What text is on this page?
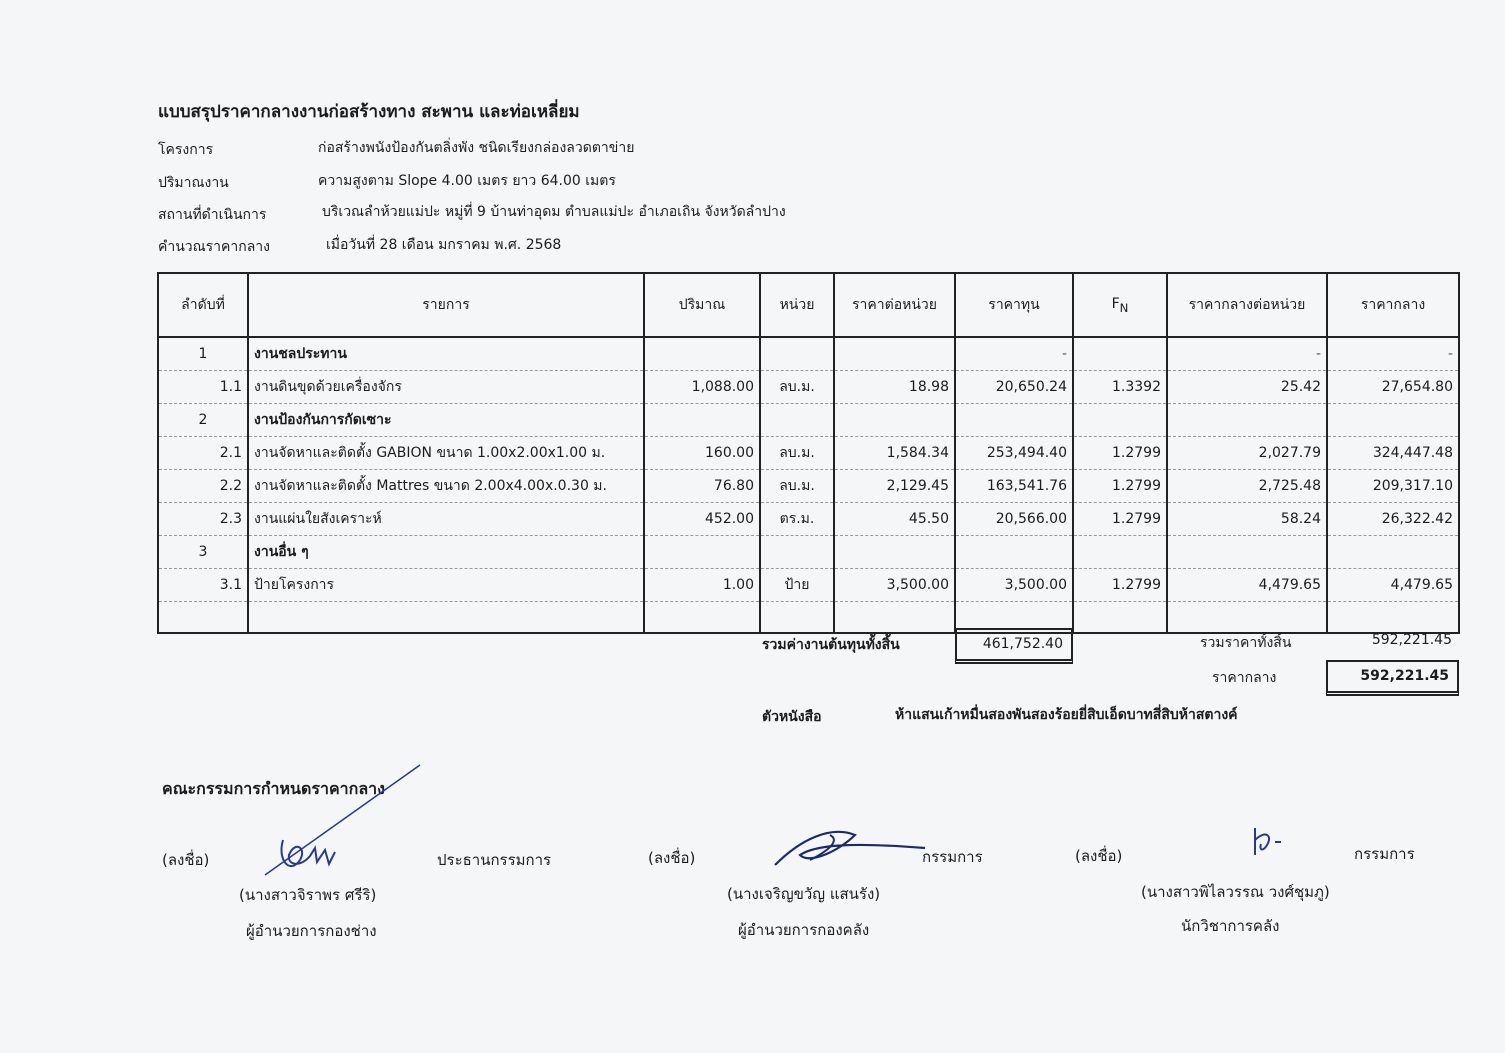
แบบสรุปราคากลางงานก่อสร้างทาง สะพาน และท่อเหลี่ยม
โครงการ	ก่อสร้างพนังป้องกันตลิ่งพัง ชนิดเรียงกล่องลวดตาข่าย
ปริมาณงาน	ความสูงตาม Slope 4.00 เมตร ยาว 64.00 เมตร
สถานที่ดำเนินการ	บริเวณลำห้วยแม่ปะ หมู่ที่ 9 บ้านท่าอุดม ตำบลแม่ปะ อำเภอเถิน จังหวัดลำปาง
คำนวณราคากลาง	เมื่อวันที่ 28 เดือน มกราคม พ.ศ. 2568
ลำดับที่	รายการ	ปริมาณ	หน่วย	ราคาต่อหน่วย	ราคาทุน	$F_N$	ราคากลางต่อหน่วย	ราคากลาง
1	งานชลประทาน				-		-	-
1.1	งานดินขุดด้วยเครื่องจักร	1,088.00	ลบ.ม.	18.98	20,650.24	1.3392	25.42	27,654.80
2	งานป้องกันการกัดเซาะ							
2.1	งานจัดหาและติดตั้ง GABION ขนาด 1.00x2.00x1.00 ม.	160.00	ลบ.ม.	1,584.34	253,494.40	1.2799	2,027.79	324,447.48
2.2	งานจัดหาและติดตั้ง Mattres ขนาด 2.00x4.00x.0.30 ม.	76.80	ลบ.ม.	2,129.45	163,541.76	1.2799	2,725.48	209,317.10
2.3	งานแผ่นใยสังเคราะห์	452.00	ตร.ม.	45.50	20,566.00	1.2799	58.24	26,322.42
3	งานอื่น ๆ							
3.1	ป้ายโครงการ	1.00	ป้าย	3,500.00	3,500.00	1.2799	4,479.65	4,479.65

รวมค่างานต้นทุนทั้งสิ้น	461,752.40	รวมราคาทั้งสิ้น	592,221.45
ราคากลาง	592,221.45
ตัวหนังสือ	ห้าแสนเก้าหมื่นสองพันสองร้อยยี่สิบเอ็ดบาทสี่สิบห้าสตางค์
คณะกรรมการกำหนดราคากลาง
(ลงชื่อ)	ประธานกรรมการ
(นางสาวจิราพร ศรีริ)
ผู้อำนวยการกองช่าง
(ลงชื่อ)	กรรมการ
(นางเจริญขวัญ แสนรัง)
ผู้อำนวยการกองคลัง
(ลงชื่อ)	กรรมการ
(นางสาวพิไลวรรณ วงศ์ชุมภู)
นักวิชาการคลัง
